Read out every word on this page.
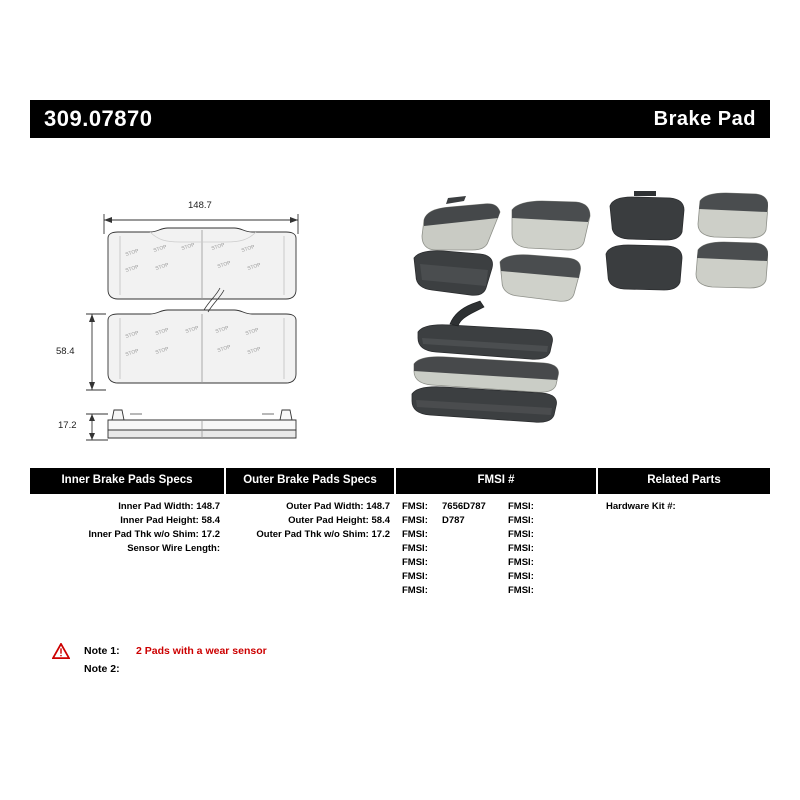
309.07870	Brake Pad
STOP	STOP	STOP	STOP	STOP
STOP	STOP	STOP	STOP
STOP	STOP	STOP	STOP	STOP
STOP	STOP	STOP	STOP
148.7
58.4
17.2
Inner Brake Pads Specs
Inner Pad Width: 148.7
Inner Pad Height: 58.4
Inner Pad Thk w/o Shim: 17.2
Sensor Wire Length:
Outer Brake Pads Specs
Outer Pad Width: 148.7
Outer Pad Height: 58.4
Outer Pad Thk w/o Shim: 17.2
FMSI #
FMSI:	7656D787	FMSI:
FMSI:	D787	FMSI:
FMSI:	FMSI:
FMSI:	FMSI:
FMSI:	FMSI:
FMSI:	FMSI:
FMSI:	FMSI:
Related Parts
Hardware Kit #:
Note 1:	2 Pads with a wear sensor
Note 2:
